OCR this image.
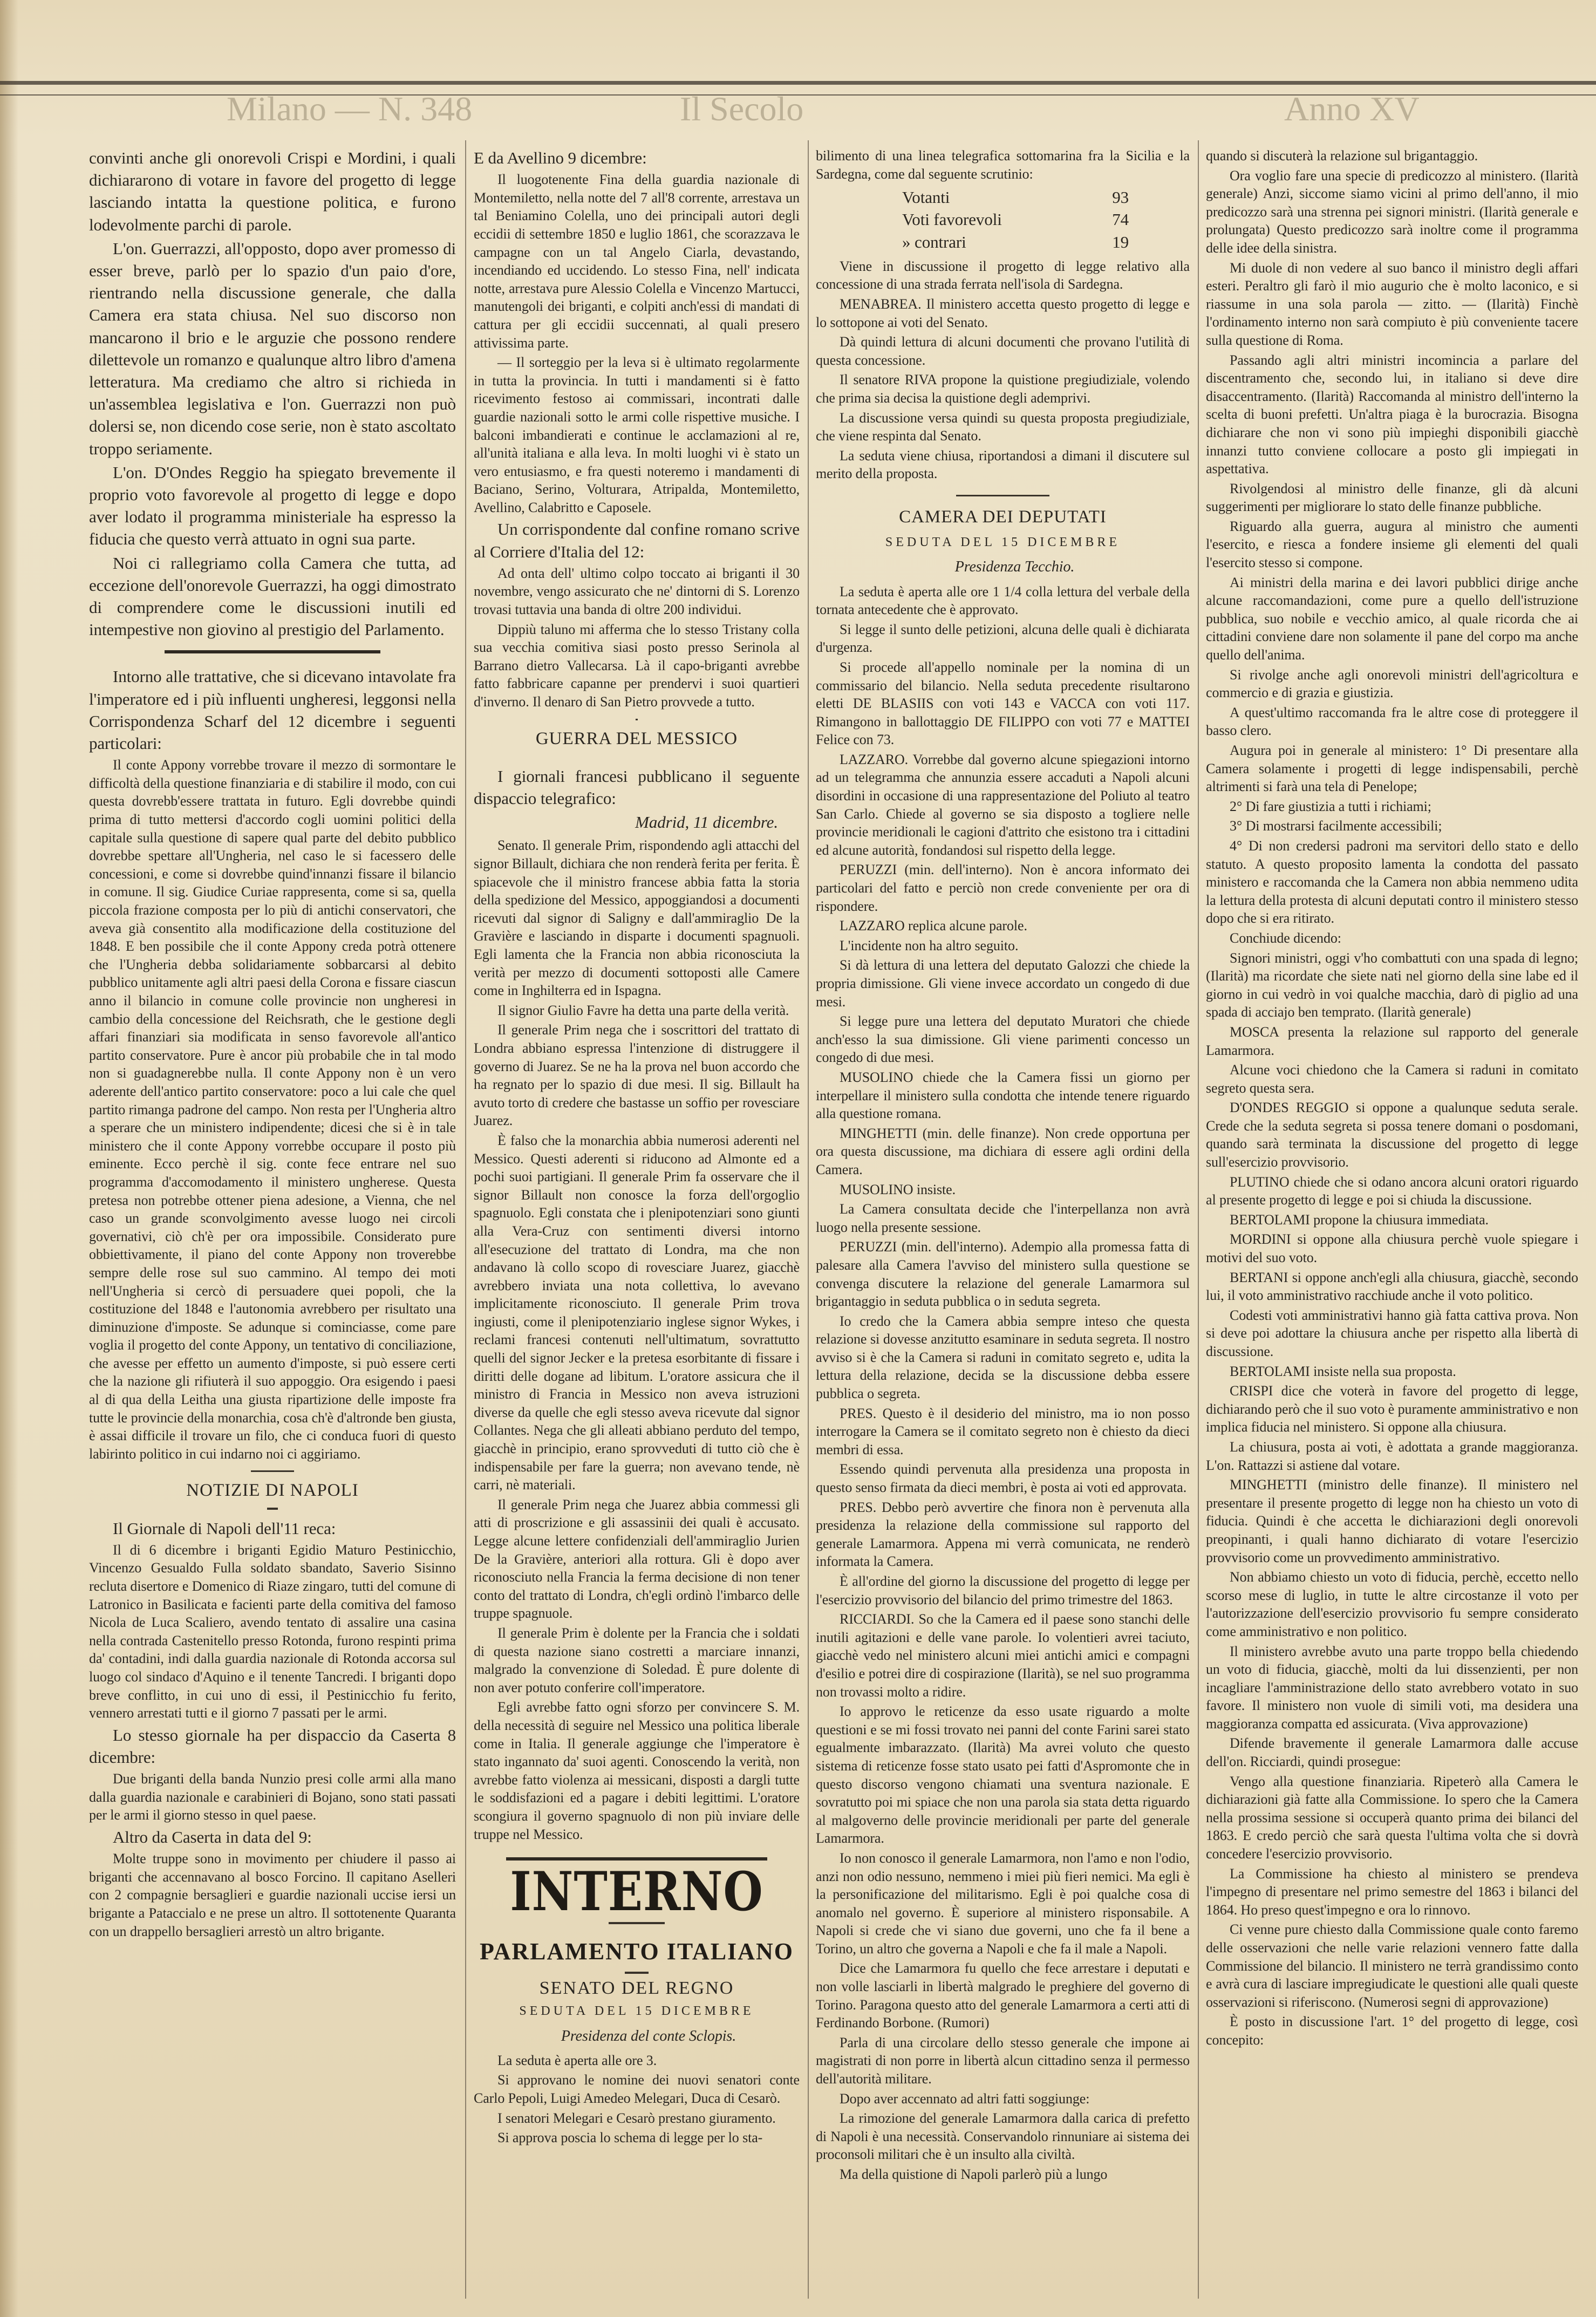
Anno XV
Il Secolo
Milano — N. 348

convinti anche gli onorevoli Crispi e Mordini, i quali dichiararono di votare in favore del progetto di legge lasciando intatta la questione politica, e furono lodevolmente parchi di parole.

L'on. Guerrazzi, all'opposto, dopo aver promesso di esser breve, parlò per lo spazio d'un paio d'ore, rientrando nella discussione generale, che dalla Camera era stata chiusa. Nel suo discorso non mancarono il brio e le arguzie che possono rendere dilettevole un romanzo e qualunque altro libro d'amena letteratura. Ma crediamo che altro si richieda in un'assemblea legislativa e l'on. Guerrazzi non può dolersi se, non dicendo cose serie, non è stato ascoltato troppo seriamente.

L'on. D'Ondes Reggio ha spiegato brevemente il proprio voto favorevole al progetto di legge e dopo aver lodato il programma ministeriale ha espresso la fiducia che questo verrà attuato in ogni sua parte.

Noi ci rallegriamo colla Camera che tutta, ad eccezione dell'onorevole Guerrazzi, ha oggi dimostrato di comprendere come le discussioni inutili ed intempestive non giovino al prestigio del Parlamento.

Intorno alle trattative, che si dicevano intavolate fra l'imperatore ed i più influenti ungheresi, leggonsi nella Corrispondenza Scharf del 12 dicembre i seguenti particolari:

Il conte Appony vorrebbe trovare il mezzo di sormontare le difficoltà della questione finanziaria e di stabilire il modo, con cui questa dovrebb'essere trattata in futuro. Egli dovrebbe quindi prima di tutto mettersi d'accordo cogli uomini politici della capitale sulla questione di sapere qual parte del debito pubblico dovrebbe spettare all'Ungheria, nel caso le si facessero delle concessioni, e come si dovrebbe quind'innanzi fissare il bilancio in comune. Il sig. Giudice Curiae rappresenta, come si sa, quella piccola frazione composta per lo più di antichi conservatori, che aveva già consentito alla modificazione della costituzione del 1848. E ben possibile che il conte Appony creda potrà ottenere che l'Ungheria debba solidariamente sobbarcarsi al debito pubblico unitamente agli altri paesi della Corona e fissare ciascun anno il bilancio in comune colle provincie non ungheresi in cambio della concessione del Reichsrath, che le gestione degli affari finanziari sia modificata in senso favorevole all'antico partito conservatore. Pure è ancor più probabile che in tal modo non si guadagnerebbe nulla. Il conte Appony non è un vero aderente dell'antico partito conservatore: poco a lui cale che quel partito rimanga padrone del campo. Non resta per l'Ungheria altro a sperare che un ministero indipendente; dicesi che si è in tale ministero che il conte Appony vorrebbe occupare il posto più eminente. Ecco perchè il sig. conte fece entrare nel suo programma d'accomodamento il ministero ungherese. Questa pretesa non potrebbe ottener piena adesione, a Vienna, che nel caso un grande sconvolgimento avesse luogo nei circoli governativi, ciò ch'è per ora impossibile. Considerato pure obbiettivamente, il piano del conte Appony non troverebbe sempre delle rose sul suo cammino. Al tempo dei moti nell'Ungheria si cercò di persuadere quei popoli, che la costituzione del 1848 e l'autonomia avrebbero per risultato una diminuzione d'imposte. Se adunque si cominciasse, come pare voglia il progetto del conte Appony, un tentativo di conciliazione, che avesse per effetto un aumento d'imposte, si può essere certi che la nazione gli rifiuterà il suo appoggio. Ora esigendo i paesi al di qua della Leitha una giusta ripartizione delle imposte fra tutte le provincie della monarchia, cosa ch'è d'altronde ben giusta, è assai difficile il trovare un filo, che ci conduca fuori di questo labirinto politico in cui indarno noi ci aggiriamo.

NOTIZIE DI NAPOLI

Il Giornale di Napoli dell'11 reca:

Il di 6 dicembre i briganti Egidio Maturo Pestinicchio, Vincenzo Gesualdo Fulla soldato sbandato, Saverio Sisinno recluta disertore e Domenico di Riaze zingaro, tutti del comune di Latronico in Basilicata e facienti parte della comitiva del famoso Nicola de Luca Scaliero, avendo tentato di assalire una casina nella contrada Castenitello presso Rotonda, furono respinti prima da' contadini, indi dalla guardia nazionale di Rotonda accorsa sul luogo col sindaco d'Aquino e il tenente Tancredi. I briganti dopo breve conflitto, in cui uno di essi, il Pestinicchio fu ferito, vennero arrestati tutti e il giorno 7 passati per le armi.

Lo stesso giornale ha per dispaccio da Caserta 8 dicembre:

Due briganti della banda Nunzio presi colle armi alla mano dalla guardia nazionale e carabinieri di Bojano, sono stati passati per le armi il giorno stesso in quel paese.

Altro da Caserta in data del 9:

Molte truppe sono in movimento per chiudere il passo ai briganti che accennavano al bosco Forcino. Il capitano Aselleri con 2 compagnie bersaglieri e guardie nazionali uccise iersi un brigante a Pataccialo e ne prese un altro. Il sottotenente Quaranta con un drappello bersaglieri arrestò un altro brigante.

E da Avellino 9 dicembre:

Il luogotenente Fina della guardia nazionale di Montemiletto, nella notte del 7 all'8 corrente, arrestava un tal Beniamino Colella, uno dei principali autori degli eccidii di settembre 1850 e luglio 1861, che scorazzava le campagne con un tal Angelo Ciarla, devastando, incendiando ed uccidendo. Lo stesso Fina, nell' indicata notte, arrestava pure Alessio Colella e Vincenzo Martucci, manutengoli dei briganti, e colpiti anch'essi di mandati di cattura per gli eccidii succennati, al quali presero attivissima parte.

— Il sorteggio per la leva si è ultimato regolarmente in tutta la provincia. In tutti i mandamenti si è fatto ricevimento festoso ai commissari, incontrati dalle guardie nazionali sotto le armi colle rispettive musiche. I balconi imbandierati e continue le acclamazioni al re, all'unità italiana e alla leva. In molti luoghi vi è stato un vero entusiasmo, e fra questi noteremo i mandamenti di Baciano, Serino, Volturara, Atripalda, Montemiletto, Avellino, Calabritto e Caposele.

Un corrispondente dal confine romano scrive al Corriere d'Italia del 12:

Ad onta dell' ultimo colpo toccato ai briganti il 30 novembre, vengo assicurato che ne' dintorni di S. Lorenzo trovasi tuttavia una banda di oltre 200 individui.

Dippiù taluno mi afferma che lo stesso Tristany colla sua vecchia comitiva siasi posto presso Serinola al Barrano dietro Vallecarsa. Là il capo-briganti avrebbe fatto fabbricare capanne per prendervi i suoi quartieri d'inverno. Il denaro di San Pietro provvede a tutto.

GUERRA DEL MESSICO

I giornali francesi pubblicano il seguente dispaccio telegrafico:

Madrid, 11 dicembre.

Senato. Il generale Prim, rispondendo agli attacchi del signor Billault, dichiara che non renderà ferita per ferita. È spiacevole che il ministro francese abbia fatta la storia della spedizione del Messico, appoggiandosi a documenti ricevuti dal signor di Saligny e dall'ammiraglio De la Gravière e lasciando in disparte i documenti spagnuoli. Egli lamenta che la Francia non abbia riconosciuta la verità per mezzo di documenti sottoposti alle Camere come in Inghilterra ed in Ispagna.

Il signor Giulio Favre ha detta una parte della verità.

Il generale Prim nega che i soscrittori del trattato di Londra abbiano espressa l'intenzione di distruggere il governo di Juarez. Se ne ha la prova nel buon accordo che ha regnato per lo spazio di due mesi. Il sig. Billault ha avuto torto di credere che bastasse un soffio per rovesciare Juarez.

È falso che la monarchia abbia numerosi aderenti nel Messico. Questi aderenti si riducono ad Almonte ed a pochi suoi partigiani. Il generale Prim fa osservare che il signor Billault non conosce la forza dell'orgoglio spagnuolo. Egli constata che i plenipotenziari sono giunti alla Vera-Cruz con sentimenti diversi intorno all'esecuzione del trattato di Londra, ma che non andavano là collo scopo di rovesciare Juarez, giacchè avrebbero inviata una nota collettiva, lo avevano implicitamente riconosciuto. Il generale Prim trova ingiusti, come il plenipotenziario inglese signor Wykes, i reclami francesi contenuti nell'ultimatum, sovrattutto quelli del signor Jecker e la pretesa esorbitante di fissare i diritti delle dogane ad libitum. L'oratore assicura che il ministro di Francia in Messico non aveva istruzioni diverse da quelle che egli stesso aveva ricevute dal signor Collantes. Nega che gli alleati abbiano perduto del tempo, giacchè in principio, erano sprovveduti di tutto ciò che è indispensabile per fare la guerra; non avevano tende, nè carri, nè materiali.

Il generale Prim nega che Juarez abbia commessi gli atti di proscrizione e gli assassinii dei quali è accusato. Legge alcune lettere confidenziali dell'ammiraglio Jurien De la Gravière, anteriori alla rottura. Gli è dopo aver riconosciuto nella Francia la ferma decisione di non tener conto del trattato di Londra, ch'egli ordinò l'imbarco delle truppe spagnuole.

Il generale Prim è dolente per la Francia che i soldati di questa nazione siano costretti a marciare innanzi, malgrado la convenzione di Soledad. È pure dolente di non aver potuto conferire coll'imperatore.

Egli avrebbe fatto ogni sforzo per convincere S. M. della necessità di seguire nel Messico una politica liberale come in Italia. Il generale aggiunge che l'imperatore è stato ingannato da' suoi agenti. Conoscendo la verità, non avrebbe fatto violenza ai messicani, disposti a dargli tutte le soddisfazioni ed a pagare i debiti legittimi. L'oratore scongiura il governo spagnuolo di non più inviare delle truppe nel Messico.

INTERNO
PARLAMENTO ITALIANO
SENATO DEL REGNO
SEDUTA DEL 15 DICEMBRE

Presidenza del conte Sclopis.

La seduta è aperta alle ore 3.

Si approvano le nomine dei nuovi senatori conte Carlo Pepoli, Luigi Amedeo Melegari, Duca di Cesarò.

I senatori Melegari e Cesarò prestano giuramento.

Si approva poscia lo schema di legge per lo sta-

bilimento di una linea telegrafica sottomarina fra la Sicilia e la Sardegna, come dal seguente scrutinio:

Votanti	93
Voti favorevoli	74
» contrari	19

Viene in discussione il progetto di legge relativo alla concessione di una strada ferrata nell'isola di Sardegna.

MENABREA. Il ministero accetta questo progetto di legge e lo sottopone ai voti del Senato.

Dà quindi lettura di alcuni documenti che provano l'utilità di questa concessione.

Il senatore RIVA propone la quistione pregiudiziale, volendo che prima sia decisa la quistione degli ademprivi.

La discussione versa quindi su questa proposta pregiudiziale, che viene respinta dal Senato.

La seduta viene chiusa, riportandosi a dimani il discutere sul merito della proposta.

CAMERA DEI DEPUTATI
SEDUTA DEL 15 DICEMBRE

Presidenza Tecchio.

La seduta è aperta alle ore 1 1/4 colla lettura del verbale della tornata antecedente che è approvato.

Si legge il sunto delle petizioni, alcuna delle quali è dichiarata d'urgenza.

Si procede all'appello nominale per la nomina di un commissario del bilancio. Nella seduta precedente risultarono eletti DE BLASIIS con voti 143 e VACCA con voti 117. Rimangono in ballottaggio DE FILIPPO con voti 77 e MATTEI Felice con 73.

LAZZARO. Vorrebbe dal governo alcune spiegazioni intorno ad un telegramma che annunzia essere accaduti a Napoli alcuni disordini in occasione di una rappresentazione del Poliuto al teatro San Carlo. Chiede al governo se sia disposto a togliere nelle provincie meridionali le cagioni d'attrito che esistono tra i cittadini ed alcune autorità, fondandosi sul rispetto della legge.

PERUZZI (min. dell'interno). Non è ancora informato dei particolari del fatto e perciò non crede conveniente per ora di rispondere.

LAZZARO replica alcune parole.

L'incidente non ha altro seguito.

Si dà lettura di una lettera del deputato Galozzi che chiede la propria dimissione. Gli viene invece accordato un congedo di due mesi.

Si legge pure una lettera del deputato Muratori che chiede anch'esso la sua dimissione. Gli viene parimenti concesso un congedo di due mesi.

MUSOLINO chiede che la Camera fissi un giorno per interpellare il ministero sulla condotta che intende tenere riguardo alla questione romana.

MINGHETTI (min. delle finanze). Non crede opportuna per ora questa discussione, ma dichiara di essere agli ordini della Camera.

MUSOLINO insiste.

La Camera consultata decide che l'interpellanza non avrà luogo nella presente sessione.

PERUZZI (min. dell'interno). Adempio alla promessa fatta di palesare alla Camera l'avviso del ministero sulla questione se convenga discutere la relazione del generale Lamarmora sul brigantaggio in seduta pubblica o in seduta segreta.

Io credo che la Camera abbia sempre inteso che questa relazione si dovesse anzitutto esaminare in seduta segreta. Il nostro avviso si è che la Camera si raduni in comitato segreto e, udita la lettura della relazione, decida se la discussione debba essere pubblica o segreta.

PRES. Questo è il desiderio del ministro, ma io non posso interrogare la Camera se il comitato segreto non è chiesto da dieci membri di essa.

Essendo quindi pervenuta alla presidenza una proposta in questo senso firmata da dieci membri, è posta ai voti ed approvata.

PRES. Debbo però avvertire che finora non è pervenuta alla presidenza la relazione della commissione sul rapporto del generale Lamarmora. Appena mi verrà comunicata, ne renderò informata la Camera.

È all'ordine del giorno la discussione del progetto di legge per l'esercizio provvisorio del bilancio del primo trimestre del 1863.

RICCIARDI. So che la Camera ed il paese sono stanchi delle inutili agitazioni e delle vane parole. Io volentieri avrei taciuto, giacchè vedo nel ministero alcuni miei antichi amici e compagni d'esilio e potrei dire di cospirazione (Ilarità), se nel suo programma non trovassi molto a ridire.

Io approvo le reticenze da esso usate riguardo a molte questioni e se mi fossi trovato nei panni del conte Farini sarei stato egualmente imbarazzato. (Ilarità) Ma avrei voluto che questo sistema di reticenze fosse stato usato pei fatti d'Aspromonte che in questo discorso vengono chiamati una sventura nazionale. E sovratutto poi mi spiace che non una parola sia stata detta riguardo al malgoverno delle provincie meridionali per parte del generale Lamarmora.

Io non conosco il generale Lamarmora, non l'amo e non l'odio, anzi non odio nessuno, nemmeno i miei più fieri nemici. Ma egli è la personificazione del militarismo. Egli è poi qualche cosa di anomalo nel governo. È superiore al ministero risponsabile. A Napoli si crede che vi siano due governi, uno che fa il bene a Torino, un altro che governa a Napoli e che fa il male a Napoli.

Dice che Lamarmora fu quello che fece arrestare i deputati e non volle lasciarli in libertà malgrado le preghiere del governo di Torino. Paragona questo atto del generale Lamarmora a certi atti di Ferdinando Borbone. (Rumori)

Parla di una circolare dello stesso generale che impone ai magistrati di non porre in libertà alcun cittadino senza il permesso dell'autorità militare.

Dopo aver accennato ad altri fatti soggiunge:

La rimozione del generale Lamarmora dalla carica di prefetto di Napoli è una necessità. Conservandolo rinnuniare ai sistema dei proconsoli militari che è un insulto alla civiltà.

Ma della quistione di Napoli parlerò più a lungo

quando si discuterà la relazione sul brigantaggio.

Ora voglio fare una specie di predicozzo al ministero. (Ilarità generale) Anzi, siccome siamo vicini al primo dell'anno, il mio predicozzo sarà una strenna pei signori ministri. (Ilarità generale e prolungata) Questo predicozzo sarà inoltre come il programma delle idee della sinistra.

Mi duole di non vedere al suo banco il ministro degli affari esteri. Peraltro gli farò il mio augurio che è molto laconico, e si riassume in una sola parola — zitto. — (Ilarità) Finchè l'ordinamento interno non sarà compiuto è più conveniente tacere sulla questione di Roma.

Passando agli altri ministri incomincia a parlare del discentramento che, secondo lui, in italiano si deve dire disaccentramento. (Ilarità) Raccomanda al ministro dell'interno la scelta di buoni prefetti. Un'altra piaga è la burocrazia. Bisogna dichiarare che non vi sono più impieghi disponibili giacchè innanzi tutto conviene collocare a posto gli impiegati in aspettativa.

Rivolgendosi al ministro delle finanze, gli dà alcuni suggerimenti per migliorare lo stato delle finanze pubbliche.

Riguardo alla guerra, augura al ministro che aumenti l'esercito, e riesca a fondere insieme gli elementi del quali l'esercito stesso si compone.

Ai ministri della marina e dei lavori pubblici dirige anche alcune raccomandazioni, come pure a quello dell'istruzione pubblica, suo nobile e vecchio amico, al quale ricorda che ai cittadini conviene dare non solamente il pane del corpo ma anche quello dell'anima.

Si rivolge anche agli onorevoli ministri dell'agricoltura e commercio e di grazia e giustizia.

A quest'ultimo raccomanda fra le altre cose di proteggere il basso clero.

Augura poi in generale al ministero: 1° Di presentare alla Camera solamente i progetti di legge indispensabili, perchè altrimenti si farà una tela di Penelope;

2° Di fare giustizia a tutti i richiami;

3° Di mostrarsi facilmente accessibili;

4° Di non credersi padroni ma servitori dello stato e dello statuto. A questo proposito lamenta la condotta del passato ministero e raccomanda che la Camera non abbia nemmeno udita la lettura della protesta di alcuni deputati contro il ministero stesso dopo che si era ritirato.

Conchiude dicendo:

Signori ministri, oggi v'ho combattuti con una spada di legno; (Ilarità) ma ricordate che siete nati nel giorno della sine labe ed il giorno in cui vedrò in voi qualche macchia, darò di piglio ad una spada di acciajo ben temprato. (Ilarità generale)

MOSCA presenta la relazione sul rapporto del generale Lamarmora.

Alcune voci chiedono che la Camera si raduni in comitato segreto questa sera.

D'ONDES REGGIO si oppone a qualunque seduta serale. Crede che la seduta segreta si possa tenere domani o posdomani, quando sarà terminata la discussione del progetto di legge sull'esercizio provvisorio.

PLUTINO chiede che si odano ancora alcuni oratori riguardo al presente progetto di legge e poi si chiuda la discussione.

BERTOLAMI propone la chiusura immediata.

MORDINI si oppone alla chiusura perchè vuole spiegare i motivi del suo voto.

BERTANI si oppone anch'egli alla chiusura, giacchè, secondo lui, il voto amministrativo racchiude anche il voto politico.

Codesti voti amministrativi hanno già fatta cattiva prova. Non si deve poi adottare la chiusura anche per rispetto alla libertà di discussione.

BERTOLAMI insiste nella sua proposta.

CRISPI dice che voterà in favore del progetto di legge, dichiarando però che il suo voto è puramente amministrativo e non implica fiducia nel ministero. Si oppone alla chiusura.

La chiusura, posta ai voti, è adottata a grande maggioranza. L'on. Rattazzi si astiene dal votare.

MINGHETTI (ministro delle finanze). Il ministero nel presentare il presente progetto di legge non ha chiesto un voto di fiducia. Quindi è che accetta le dichiarazioni degli onorevoli preopinanti, i quali hanno dichiarato di votare l'esercizio provvisorio come un provvedimento amministrativo.

Non abbiamo chiesto un voto di fiducia, perchè, eccetto nello scorso mese di luglio, in tutte le altre circostanze il voto per l'autorizzazione dell'esercizio provvisorio fu sempre considerato come amministrativo e non politico.

Il ministero avrebbe avuto una parte troppo bella chiedendo un voto di fiducia, giacchè, molti da lui dissenzienti, per non incagliare l'amministrazione dello stato avrebbero votato in suo favore. Il ministero non vuole di simili voti, ma desidera una maggioranza compatta ed assicurata. (Viva approvazione)

Difende bravemente il generale Lamarmora dalle accuse dell'on. Ricciardi, quindi prosegue:

Vengo alla questione finanziaria. Ripeterò alla Camera le dichiarazioni già fatte alla Commissione. Io spero che la Camera nella prossima sessione si occuperà quanto prima dei bilanci del 1863. E credo perciò che sarà questa l'ultima volta che si dovrà concedere l'esercizio provvisorio.

La Commissione ha chiesto al ministero se prendeva l'impegno di presentare nel primo semestre del 1863 i bilanci del 1864. Ho preso quest'impegno e ora lo rinnovo.

Ci venne pure chiesto dalla Commissione quale conto faremo delle osservazioni che nelle varie relazioni vennero fatte dalla Commissione del bilancio. Il ministero ne terrà grandissimo conto e avrà cura di lasciare impregiudicate le questioni alle quali queste osservazioni si riferiscono. (Numerosi segni di approvazione)

È posto in discussione l'art. 1° del progetto di legge, così concepito:
